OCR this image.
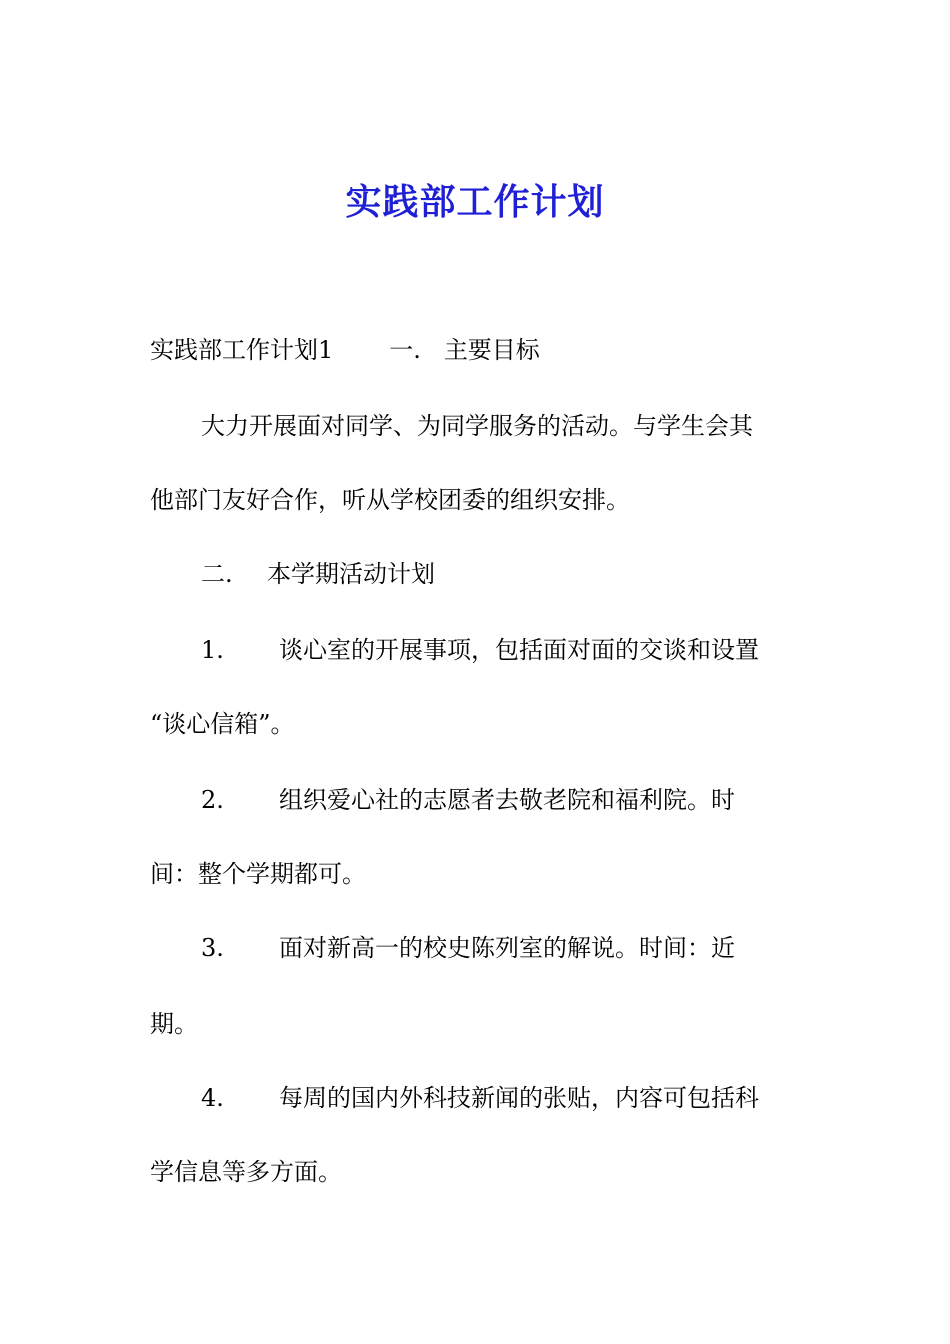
实践部工作计划

实践部工作计划1 一. 主要目标

大力开展面对同学、为同学服务的活动。与学生会其

他部门友好合作，听从学校团委的组织安排。

二. 本学期活动计划

1. 谈心室的开展事项，包括面对面的交谈和设置

“谈心信箱”。

2. 组织爱心社的志愿者去敬老院和福利院。时

间：整个学期都可。

3. 面对新高一的校史陈列室的解说。时间：近

期。

4. 每周的国内外科技新闻的张贴，内容可包括科

学信息等多方面。
